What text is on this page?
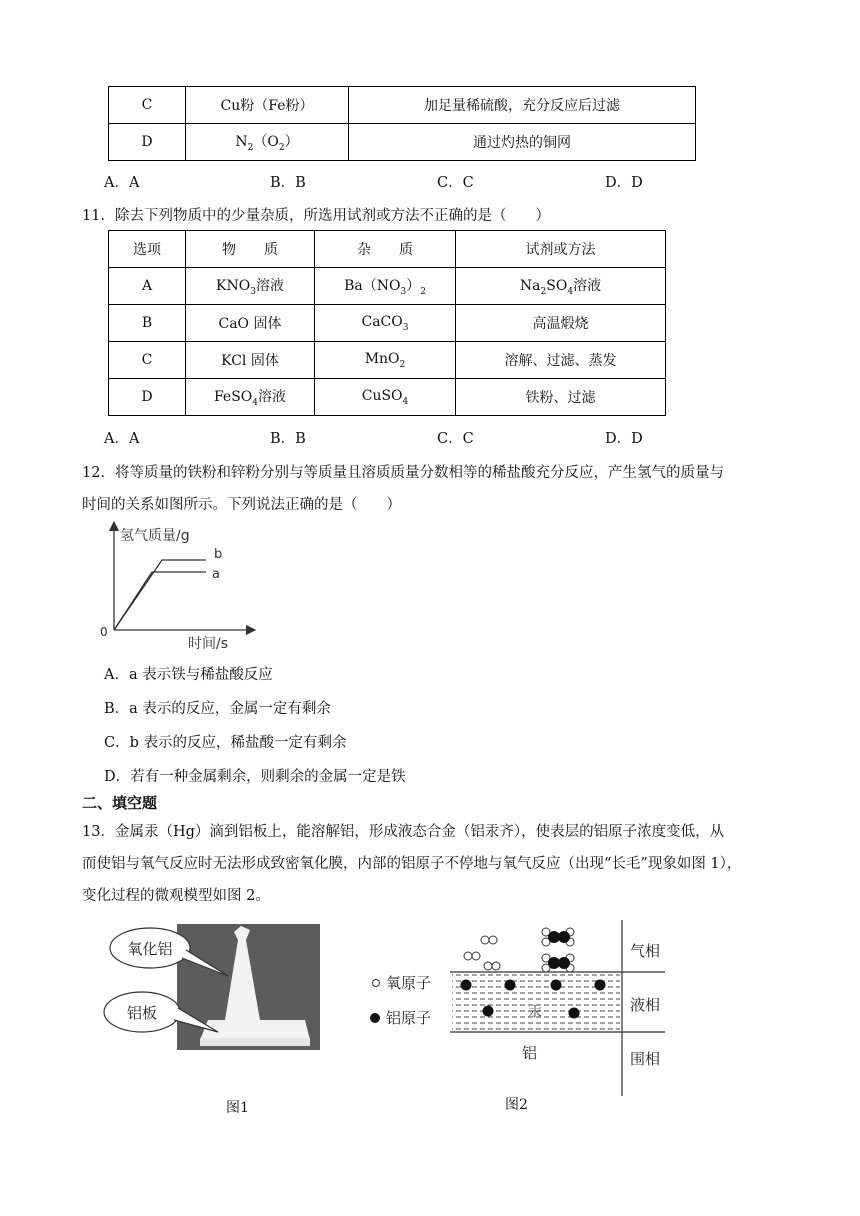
C	Cu粉（Fe粉）	加足量稀硫酸，充分反应后过滤
D	$N_2(O_2)$	通过灼热的铜网
A．A	B．B	C．C	D．D
11．除去下列物质中的少量杂质，所选用试剂或方法不正确的是（　　）
选项	物　　质	杂　　质	试剂或方法
A	$KNO_3$溶液	$Ba(NO_3)_2$	$Na_2SO_4$溶液
B	CaO 固体	CaCO$_3$	高温煅烧
C	KCl 固体	MnO$_2$	溶解、过滤、蒸发
D	FeSO$_4$溶液	CuSO$_4$	铁粉、过滤
A．A	B．B	C．C	D．D
12．将等质量的铁粉和锌粉分别与等质量且溶质质量分数相等的稀盐酸充分反应，产生氢气的质量与
时间的关系如图所示。下列说法正确的是（　　）
氢气质量/g
时间/s
0
b
a
A．a 表示铁与稀盐酸反应
B．a 表示的反应，金属一定有剩余
C．b 表示的反应，稀盐酸一定有剩余
D．若有一种金属剩余，则剩余的金属一定是铁
二、填空题
13．金属汞（Hg）滴到铝板上，能溶解铝，形成液态合金（铝汞齐），使表层的铝原子浓度变低，从
而使铝与氧气反应时无法形成致密氧化膜，内部的铝原子不停地与氧气反应（出现“长毛”现象如图 1），
变化过程的微观模型如图 2。
氧化铝
铝板
图1
气相
液相
围相
汞
铝
氧原子
铝原子
图2
